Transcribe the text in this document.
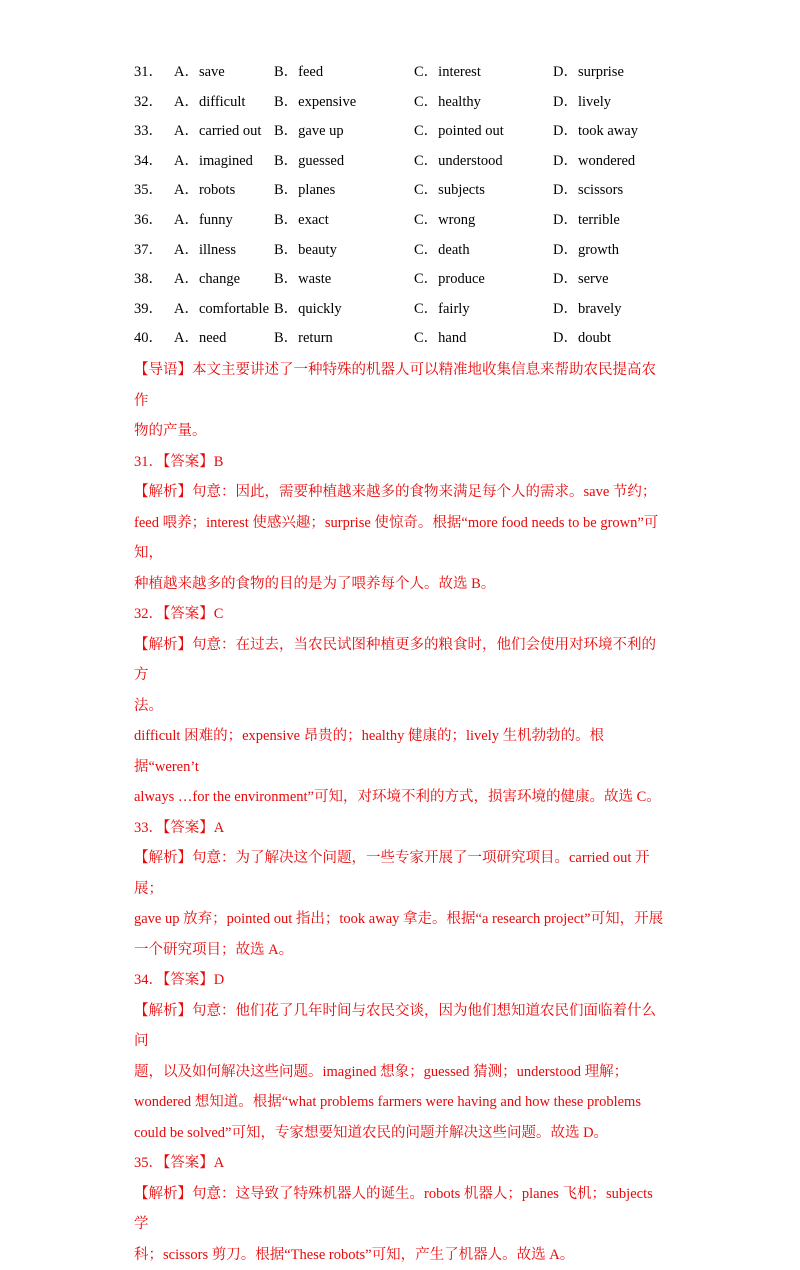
31． A．save	B．feed	C．interest	D．surprise
32． A．difficult B．expensive	C．healthy	D．lively
33． A．carried out B．gave up	C．pointed out	D．took away
34． A．imagined B．guessed	C．understood	D．wondered
35． A．robots	B．planes	C．subjects	D．scissors
36． A．funny	B．exact	C．wrong	D．terrible
37． A．illness	B．beauty	C．death	D．growth
38． A．change B．waste	C．produce	D．serve
39． A．comfortable B．quickly	C．fairly	D．bravely
40． A．need	B．return	C．hand	D．doubt

【导语】本文主要讲述了一种特殊的机器人可以精准地收集信息来帮助农民提高农作

物的产量。

31．【答案】B

【解析】句意：因此，需要种植越来越多的食物来满足每个人的需求。save 节约；

feed 喂养；interest 使感兴趣；surprise 使惊奇。根据“more food needs to be grown”可知，

种植越来越多的食物的目的是为了喂养每个人。故选 B。

32．【答案】C

【解析】句意：在过去，当农民试图种植更多的粮食时，他们会使用对环境不利的方

法。

difficult 困难的；expensive 昂贵的；healthy 健康的；lively 生机勃勃的。根据“weren’t

always …for the environment”可知，对环境不利的方式，损害环境的健康。故选 C。

33．【答案】A

【解析】句意：为了解决这个问题，一些专家开展了一项研究项目。carried out 开展；

gave up 放弃；pointed out 指出；took away 拿走。根据“a research project”可知，开展

一个研究项目；故选 A。

34．【答案】D

【解析】句意：他们花了几年时间与农民交谈，因为他们想知道农民们面临着什么问

题，以及如何解决这些问题。imagined 想象；guessed 猜测；understood 理解；

wondered 想知道。根据“what problems farmers were having and how these problems

could be solved”可知，专家想要知道农民的问题并解决这些问题。故选 D。

35．【答案】A

【解析】句意：这导致了特殊机器人的诞生。robots 机器人；planes 飞机；subjects 学

科；scissors 剪刀。根据“These robots”可知，产生了机器人。故选 A。
